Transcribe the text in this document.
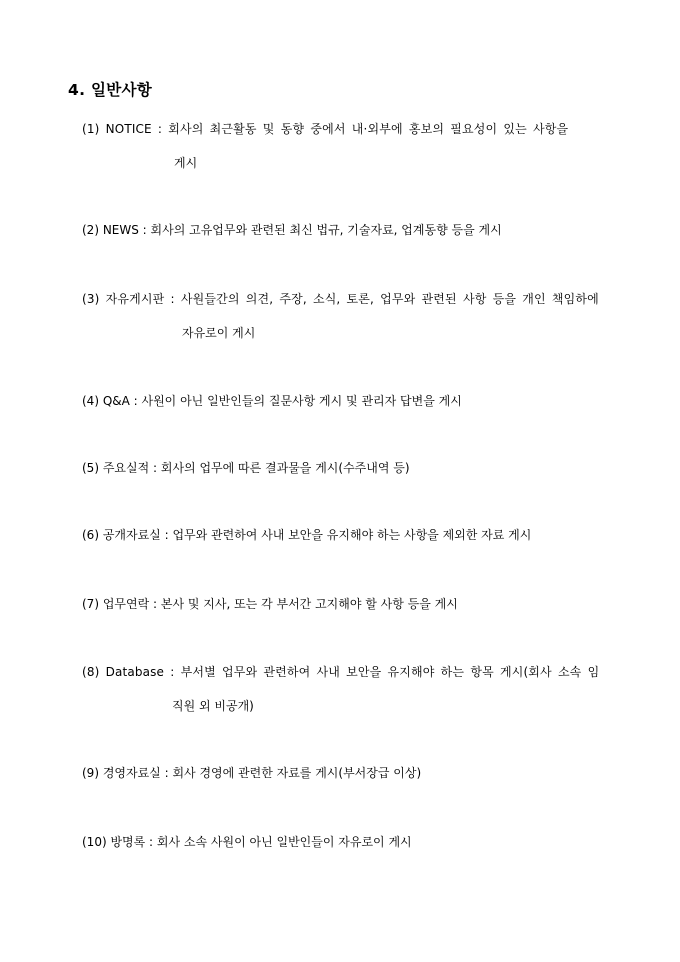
4. 일반사항
(1) NOTICE : 회사의 최근활동 및 동향 중에서 내·외부에 홍보의 필요성이 있는 사항을
게시
(2) NEWS : 회사의 고유업무와 관련된 최신 법규, 기술자료, 업계동향 등을 게시
(3) 자유게시판 : 사원들간의 의견, 주장, 소식, 토론, 업무와 관련된 사항 등을 개인 책임하에
자유로이 게시
(4) Q&A : 사원이 아닌 일반인들의 질문사항 게시 및 관리자 답변을 게시
(5) 주요실적 : 회사의 업무에 따른 결과물을 게시(수주내역 등)
(6) 공개자료실 : 업무와 관련하여 사내 보안을 유지해야 하는 사항을 제외한 자료 게시
(7) 업무연락 : 본사 및 지사, 또는 각 부서간 고지해야 할 사항 등을 게시
(8) Database : 부서별 업무와 관련하여 사내 보안을 유지해야 하는 항목 게시(회사 소속 임
직원 외 비공개)
(9) 경영자료실 : 회사 경영에 관련한 자료를 게시(부서장급 이상)
(10) 방명록 : 회사 소속 사원이 아닌 일반인들이 자유로이 게시
